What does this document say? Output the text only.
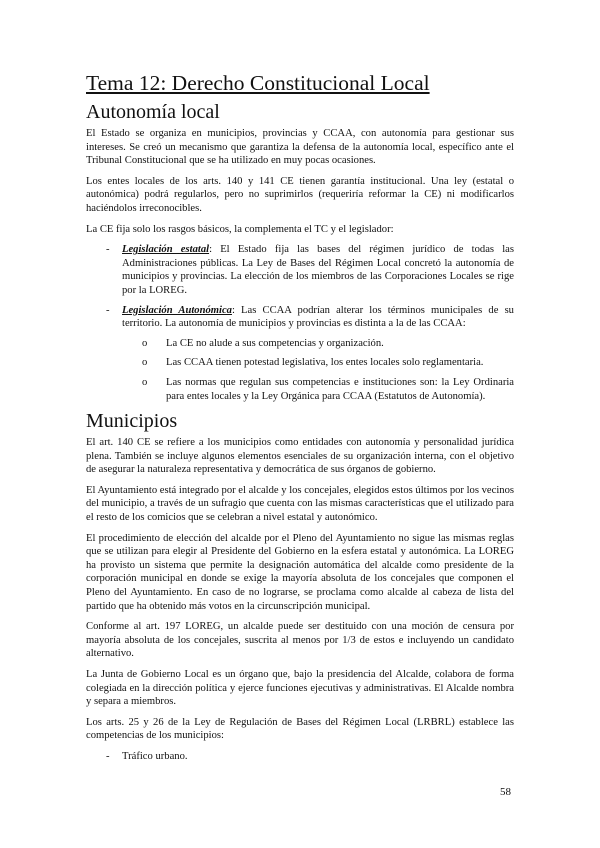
Tema 12: Derecho Constitucional Local
Autonomía local

El Estado se organiza en municipios, provincias y CCAA, con autonomía para gestionar sus intereses. Se creó un mecanismo que garantiza la defensa de la autonomía local, específico ante el Tribunal Constitucional que se ha utilizado en muy pocas ocasiones.

Los entes locales de los arts. 140 y 141 CE tienen garantía institucional. Una ley (estatal o autonómica) podrá regularlos, pero no suprimirlos (requeriría reformar la CE) ni modificarlos haciéndolos irreconocibles.

La CE fija solo los rasgos básicos, la complementa el TC y el legislador:

- Legislación estatal: El Estado fija las bases del régimen jurídico de todas las Administraciones públicas. La Ley de Bases del Régimen Local concretó la autonomía de municipios y provincias. La elección de los miembros de las Corporaciones Locales se rige por la LOREG.
- Legislación Autonómica: Las CCAA podrían alterar los términos municipales de su territorio. La autonomía de municipios y provincias es distinta a la de las CCAA:
o La CE no alude a sus competencias y organización.
o Las CCAA tienen potestad legislativa, los entes locales solo reglamentaria.
o Las normas que regulan sus competencias e instituciones son: la Ley Ordinaria para entes locales y la Ley Orgánica para CCAA (Estatutos de Autonomía).
Municipios

El art. 140 CE se refiere a los municipios como entidades con autonomía y personalidad jurídica plena. También se incluye algunos elementos esenciales de su organización interna, con el objetivo de asegurar la naturaleza representativa y democrática de sus órganos de gobierno.

El Ayuntamiento está integrado por el alcalde y los concejales, elegidos estos últimos por los vecinos del municipio, a través de un sufragio que cuenta con las mismas características que el utilizado para el resto de los comicios que se celebran a nivel estatal y autonómico.

El procedimiento de elección del alcalde por el Pleno del Ayuntamiento no sigue las mismas reglas que se utilizan para elegir al Presidente del Gobierno en la esfera estatal y autonómica. La LOREG ha provisto un sistema que permite la designación automática del alcalde como presidente de la corporación municipal en donde se exige la mayoría absoluta de los concejales que componen el Pleno del Ayuntamiento. En caso de no lograrse, se proclama como alcalde al cabeza de lista del partido que ha obtenido más votos en la circunscripción municipal.

Conforme al art. 197 LOREG, un alcalde puede ser destituido con una moción de censura por mayoría absoluta de los concejales, suscrita al menos por 1/3 de estos e incluyendo un candidato alternativo.

La Junta de Gobierno Local es un órgano que, bajo la presidencia del Alcalde, colabora de forma colegiada en la dirección política y ejerce funciones ejecutivas y administrativas. El Alcalde nombra y separa a miembros.

Los arts. 25 y 26 de la Ley de Regulación de Bases del Régimen Local (LRBRL) establece las competencias de los municipios:

- Tráfico urbano.
58
